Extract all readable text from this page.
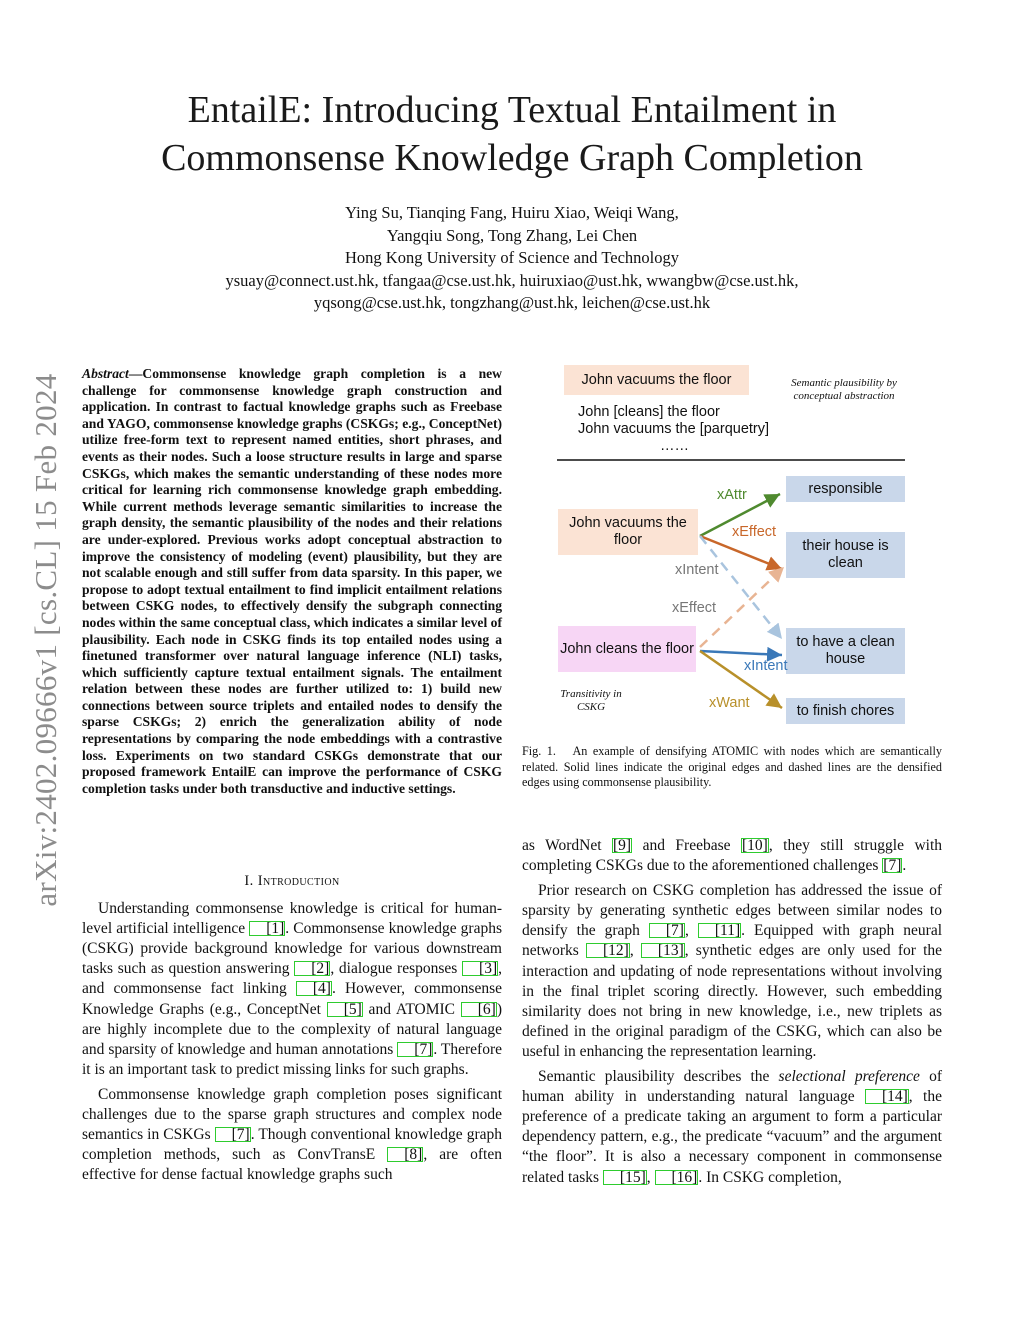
EntailE: Introducing Textual Entailment in
Commonsense Knowledge Graph Completion
Ying Su, Tianqing Fang, Huiru Xiao, Weiqi Wang,
Yangqiu Song, Tong Zhang, Lei Chen
Hong Kong University of Science and Technology
ysuay@connect.ust.hk, tfangaa@cse.ust.hk, huiruxiao@ust.hk, wwangbw@cse.ust.hk,
yqsong@cse.ust.hk, tongzhang@ust.hk, leichen@cse.ust.hk
arXiv:2402.09666v1 [cs.CL] 15 Feb 2024 Abstract—Commonsense knowledge graph completion is a new challenge for commonsense knowledge graph construction and application. In contrast to factual knowledge graphs such as Freebase and YAGO, commonsense knowledge graphs (CSKGs; e.g., ConceptNet) utilize free-form text to represent named entities, short phrases, and events as their nodes. Such a loose structure results in large and sparse CSKGs, which makes the semantic understanding of these nodes more critical for learning rich commonsense knowledge graph embedding. While current methods leverage semantic similarities to increase the graph density, the semantic plausibility of the nodes and their relations are under-explored. Previous works adopt conceptual abstraction to improve the consistency of modeling (event) plausibility, but they are not scalable enough and still suffer from data sparsity. In this paper, we propose to adopt textual entailment to find implicit entailment relations between CSKG nodes, to effectively densify the subgraph connecting nodes within the same conceptual class, which indicates a similar level of plausibility. Each node in CSKG finds its top entailed nodes using a finetuned transformer over natural language inference (NLI) tasks, which sufficiently capture textual entailment signals. The entailment relation between these nodes are further utilized to: 1) build new connections between source triplets and entailed nodes to densify the sparse CSKGs; 2) enrich the generalization ability of node representations by comparing the node embeddings with a contrastive loss. Experiments on two standard CSKGs demonstrate that our proposed framework EntailE can improve the performance of CSKG completion tasks under both transductive and inductive settings.
I. Introduction

Understanding commonsense knowledge is critical for human-level artificial intelligence [1]. Commonsense knowledge graphs (CSKG) provide background knowledge for various downstream tasks such as question answering [2], dialogue responses [3], and commonsense fact linking [4]. However, commonsense Knowledge Graphs (e.g., ConceptNet [5] and ATOMIC [6]) are highly incomplete due to the complexity of natural language and sparsity of knowledge and human annotations [7]. Therefore it is an important task to predict missing links for such graphs.

Commonsense knowledge graph completion poses significant challenges due to the sparse graph structures and complex node semantics in CSKGs [7]. Though conventional knowledge graph completion methods, such as ConvTransE [8], are often effective for dense factual knowledge graphs such

John vacuums the floor
John [cleans] the floor
John vacuums the [parquetry]
……
Semantic plausibility by conceptual abstraction
John vacuums the floor
John cleans the floor
responsible
their house is clean
to have a clean house
to finish chores
xAttr
xEffect
xIntent
xEffect
xIntent
xWant
Transitivity in CSKG
Fig. 1. An example of densifying ATOMIC with nodes which are semantically related. Solid lines indicate the original edges and dashed lines are the densified edges using commonsense plausibility.

as WordNet [9] and Freebase [10], they still struggle with completing CSKGs due to the aforementioned challenges [7].

Prior research on CSKG completion has addressed the issue of sparsity by generating synthetic edges between similar nodes to densify the graph [7], [11]. Equipped with graph neural networks [12], [13], synthetic edges are only used for the interaction and updating of node representations without involving in the final triplet scoring directly. However, such embedding similarity does not bring in new knowledge, i.e., new triplets as defined in the original paradigm of the CSKG, which can also be useful in enhancing the representation learning.

Semantic plausibility describes the selectional preference of human ability in understanding natural language [14], the preference of a predicate taking an argument to form a particular dependency pattern, e.g., the predicate “vacuum” and the argument “the floor”. It is also a necessary component in commonsense related tasks [15], [16]. In CSKG completion,
